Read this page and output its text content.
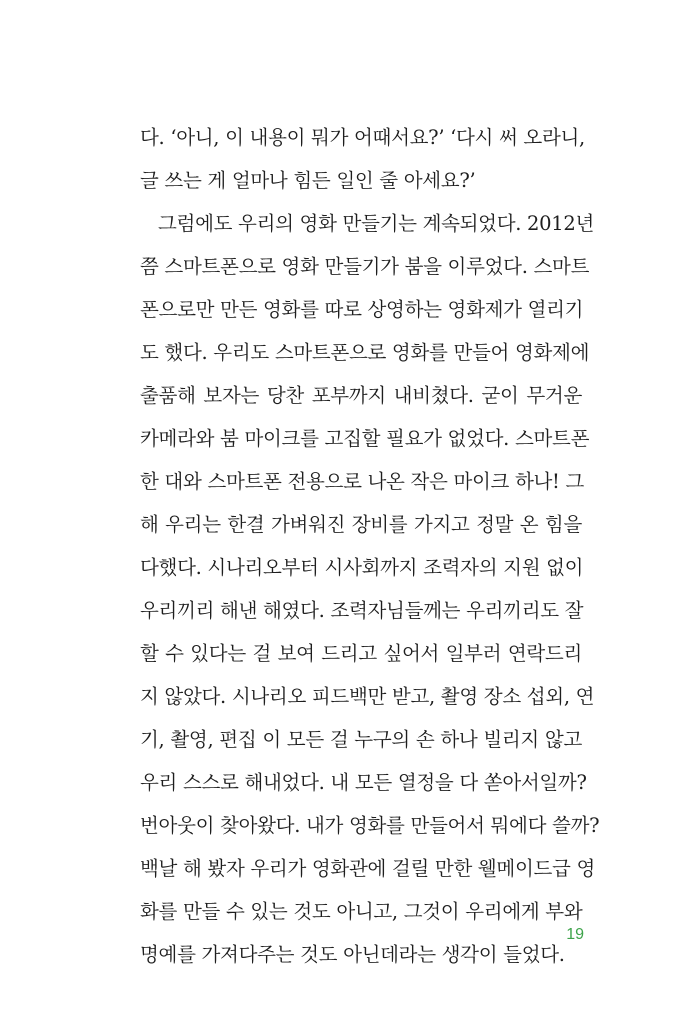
다. ‘아니, 이 내용이 뭐가 어때서요?’ ‘다시 써 오라니,
글 쓰는 게 얼마나 힘든 일인 줄 아세요?’
그럼에도 우리의 영화 만들기는 계속되었다. 2012년
쯤 스마트폰으로 영화 만들기가 붐을 이루었다. 스마트
폰으로만 만든 영화를 따로 상영하는 영화제가 열리기
도 했다. 우리도 스마트폰으로 영화를 만들어 영화제에
출품해 보자는 당찬 포부까지 내비쳤다. 굳이 무거운
카메라와 붐 마이크를 고집할 필요가 없었다. 스마트폰
한 대와 스마트폰 전용으로 나온 작은 마이크 하나! 그
해 우리는 한결 가벼워진 장비를 가지고 정말 온 힘을
다했다. 시나리오부터 시사회까지 조력자의 지원 없이
우리끼리 해낸 해였다. 조력자님들께는 우리끼리도 잘
할 수 있다는 걸 보여 드리고 싶어서 일부러 연락드리
지 않았다. 시나리오 피드백만 받고, 촬영 장소 섭외, 연
기, 촬영, 편집 이 모든 걸 누구의 손 하나 빌리지 않고
우리 스스로 해내었다. 내 모든 열정을 다 쏟아서일까?
번아웃이 찾아왔다. 내가 영화를 만들어서 뭐에다 쓸까?
백날 해 봤자 우리가 영화관에 걸릴 만한 웰메이드급 영
화를 만들 수 있는 것도 아니고, 그것이 우리에게 부와
명예를 가져다주는 것도 아닌데라는 생각이 들었다.
19
